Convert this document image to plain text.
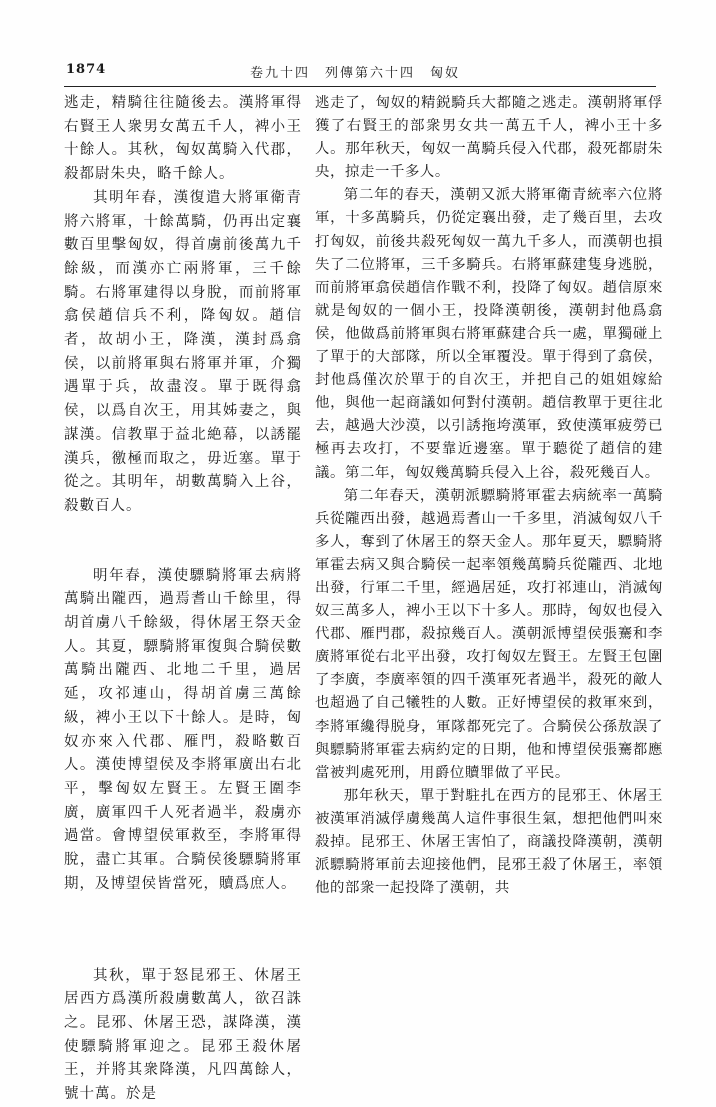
1874	卷九十四　列傳第六十四　匈奴

逃走，精騎往往隨後去。漢將軍得右賢王人衆男女萬五千人，裨小王十餘人。其秋，匈奴萬騎入代郡，殺都尉朱央，略千餘人。

其明年春，漢復遣大將軍衛青將六將軍，十餘萬騎，仍再出定襄數百里擊匈奴，得首虜前後萬九千餘級，而漢亦亡兩將軍，三千餘騎。右將軍建得以身脫，而前將軍翕侯趙信兵不利，降匈奴。趙信者，故胡小王，降漢，漢封爲翕侯，以前將軍與右將軍并軍，介獨遇單于兵，故盡沒。單于既得翕侯，以爲自次王，用其姊妻之，與謀漢。信教單于益北絶幕，以誘罷漢兵，徼極而取之，毋近塞。單于從之。其明年，胡數萬騎入上谷，殺數百人。

明年春，漢使驃騎將軍去病將萬騎出隴西，過焉耆山千餘里，得胡首虜八千餘級，得休屠王祭天金人。其夏，驃騎將軍復與合騎侯數萬騎出隴西、北地二千里，過居延，攻祁連山，得胡首虜三萬餘級，裨小王以下十餘人。是時，匈奴亦來入代郡、雁門，殺略數百人。漢使博望侯及李將軍廣出右北平，擊匈奴左賢王。左賢王圍李廣，廣軍四千人死者過半，殺虜亦過當。會博望侯軍救至，李將軍得脫，盡亡其軍。合騎侯後驃騎將軍期，及博望侯皆當死，贖爲庶人。

其秋，單于怒昆邪王、休屠王居西方爲漢所殺虜數萬人，欲召誅之。昆邪、休屠王恐，謀降漢，漢使驃騎將軍迎之。昆邪王殺休屠王，并將其衆降漢，凡四萬餘人，號十萬。於是

逃走了，匈奴的精鋭騎兵大都隨之逃走。漢朝將軍俘獲了右賢王的部衆男女共一萬五千人，裨小王十多人。那年秋天，匈奴一萬騎兵侵入代郡，殺死都尉朱央，掠走一千多人。

第二年的春天，漢朝又派大將軍衛青統率六位將軍，十多萬騎兵，仍從定襄出發，走了幾百里，去攻打匈奴，前後共殺死匈奴一萬九千多人，而漢朝也損失了二位將軍，三千多騎兵。右將軍蘇建隻身逃脱，而前將軍翕侯趙信作戰不利，投降了匈奴。趙信原來就是匈奴的一個小王，投降漢朝後，漢朝封他爲翕侯，他做爲前將軍與右將軍蘇建合兵一處，單獨碰上了單于的大部隊，所以全軍覆没。單于得到了翕侯，封他爲僅次於單于的自次王，并把自己的姐姐嫁給他，與他一起商議如何對付漢朝。趙信教單于更往北去，越過大沙漠，以引誘拖垮漢軍，致使漢軍疲勞已極再去攻打，不要靠近邊塞。單于聽從了趙信的建議。第二年，匈奴幾萬騎兵侵入上谷，殺死幾百人。

第二年春天，漢朝派驃騎將軍霍去病統率一萬騎兵從隴西出發，越過焉耆山一千多里，消滅匈奴八千多人，奪到了休屠王的祭天金人。那年夏天，驃騎將軍霍去病又與合騎侯一起率領幾萬騎兵從隴西、北地出發，行軍二千里，經過居延，攻打祁連山，消滅匈奴三萬多人，裨小王以下十多人。那時，匈奴也侵入代郡、雁門郡，殺掠幾百人。漢朝派博望侯張騫和李廣將軍從右北平出發，攻打匈奴左賢王。左賢王包圍了李廣，李廣率領的四千漢軍死者過半，殺死的敵人也超過了自己犧牲的人數。正好博望侯的救軍來到，李將軍纔得脱身，軍隊都死完了。合騎侯公孫敖誤了與驃騎將軍霍去病約定的日期，他和博望侯張騫都應當被判處死刑，用爵位贖罪做了平民。

那年秋天，單于對駐扎在西方的昆邪王、休屠王被漢軍消滅俘虜幾萬人這件事很生氣，想把他們叫來殺掉。昆邪王、休屠王害怕了，商議投降漢朝，漢朝派驃騎將軍前去迎接他們，昆邪王殺了休屠王，率領他的部衆一起投降了漢朝，共
